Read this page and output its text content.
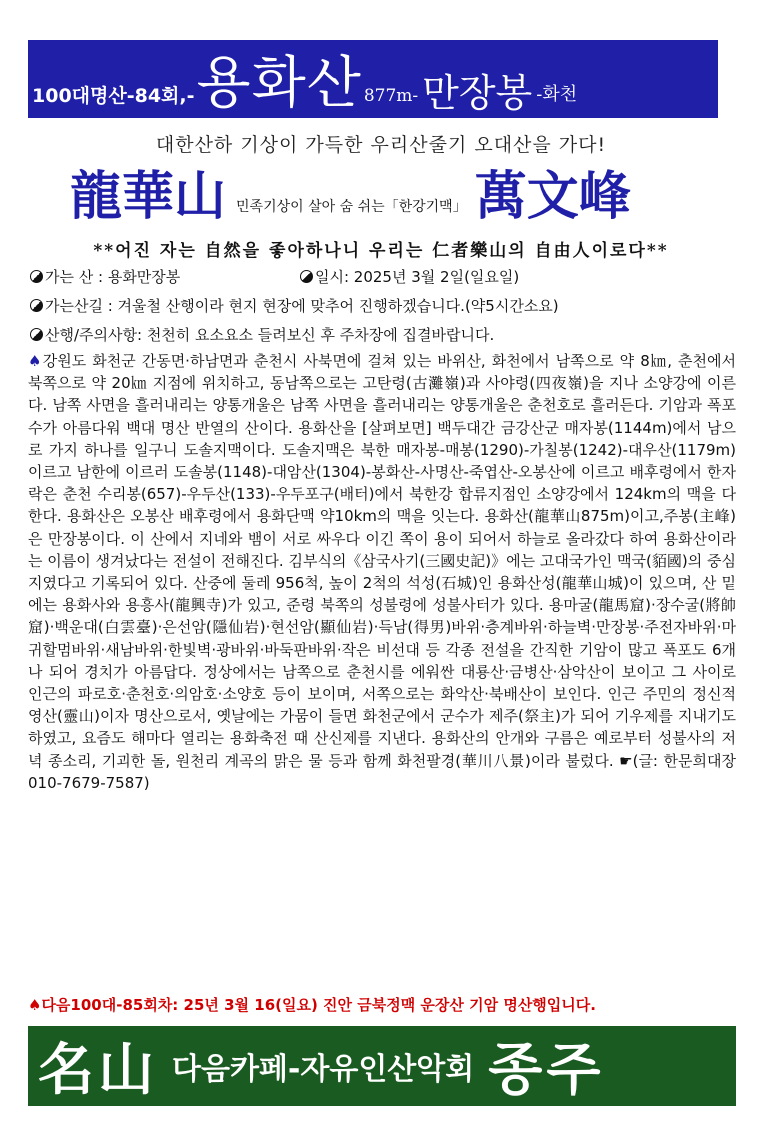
100대명산-84회,- 용화산 877m- 만장봉 -화천
대한산하 기상이 가득한 우리산줄기 오대산을 가다!
龍華山 민족기상이 살아 숨 쉬는「한강기맥」 萬文峰
**어진 자는 自然을 좋아하나니 우리는 仁者樂山의 自由人이로다**
가는 산 : 용화만장봉	일시: 2025년 3월 2일(일요일)
가는산길 : 겨울철 산행이라 현지 현장에 맞추어 진행하겠습니다.(약5시간소요)
산행/주의사항: 천천히 요소요소 들려보신 후 주차장에 집결바랍니다.
♠강원도 화천군 간동면·하남면과 춘천시 사북면에 걸쳐 있는 바위산, 화천에서 남쪽으로 약 8㎞, 춘천에서 북쪽으로 약 20㎞ 지점에 위치하고, 동남쪽으로는 고탄령(古灘嶺)과 사야령(四夜嶺)을 지나 소양강에 이른다. 남쪽 사면을 흘러내리는 양통개울은 남쪽 사면을 흘러내리는 양통개울은 춘천호로 흘러든다. 기암과 폭포수가 아름다워 백대 명산 반열의 산이다. 용화산을 [살펴보면] 백두대간 금강산군 매자봉(1144m)에서 남으로 가지 하나를 일구니 도솔지맥이다. 도솔지맥은 북한 매자봉-매봉(1290)-가칠봉(1242)-대우산(1179m)이르고 남한에 이르러 도솔봉(1148)-대암산(1304)-봉화산-사명산-죽엽산-오봉산에 이르고 배후령에서 한자락은 춘천 수리봉(657)-우두산(133)-우두포구(배터)에서 북한강 합류지점인 소양강에서 124km의 맥을 다한다. 용화산은 오봉산 배후령에서 용화단맥 약10km의 맥을 잇는다. 용화산(龍華山875m)이고,주봉(主峰)은 만장봉이다. 이 산에서 지네와 뱀이 서로 싸우다 이긴 쪽이 용이 되어서 하늘로 올라갔다 하여 용화산이라는 이름이 생겨났다는 전설이 전해진다. 김부식의《삼국사기(三國史記)》에는 고대국가인 맥국(貊國)의 중심지였다고 기록되어 있다. 산중에 둘레 956척, 높이 2척의 석성(石城)인 용화산성(龍華山城)이 있으며, 산 밑에는 용화사와 용흥사(龍興寺)가 있고, 준령 북쪽의 성불령에 성불사터가 있다. 용마굴(龍馬窟)·장수굴(將帥窟)·백운대(白雲臺)·은선암(隱仙岩)·현선암(顯仙岩)·득남(得男)바위·층계바위·하늘벽·만장봉·주전자바위·마귀할멈바위·새남바위·한빛벽·광바위·바둑판바위·작은 비선대 등 각종 전설을 간직한 기암이 많고 폭포도 6개나 되어 경치가 아름답다. 정상에서는 남쪽으로 춘천시를 에워싼 대룡산·금병산·삼악산이 보이고 그 사이로 인근의 파로호·춘천호·의암호·소양호 등이 보이며, 서쪽으로는 화악산·북배산이 보인다. 인근 주민의 정신적 영산(靈山)이자 명산으로서, 옛날에는 가뭄이 들면 화천군에서 군수가 제주(祭主)가 되어 기우제를 지내기도 하였고, 요즘도 해마다 열리는 용화축전 때 산신제를 지낸다. 용화산의 안개와 구름은 예로부터 성불사의 저녁 종소리, 기괴한 돌, 원천리 계곡의 맑은 물 등과 함께 화천팔경(華川八景)이라 불렀다. ☛(글: 한문희대장 010-7679-7587)
♠다음100대-85회차: 25년 3월 16(일요) 진안 금북정맥 운장산 기암 명산행입니다.
名山 다음카페-자유인산악회 종주
